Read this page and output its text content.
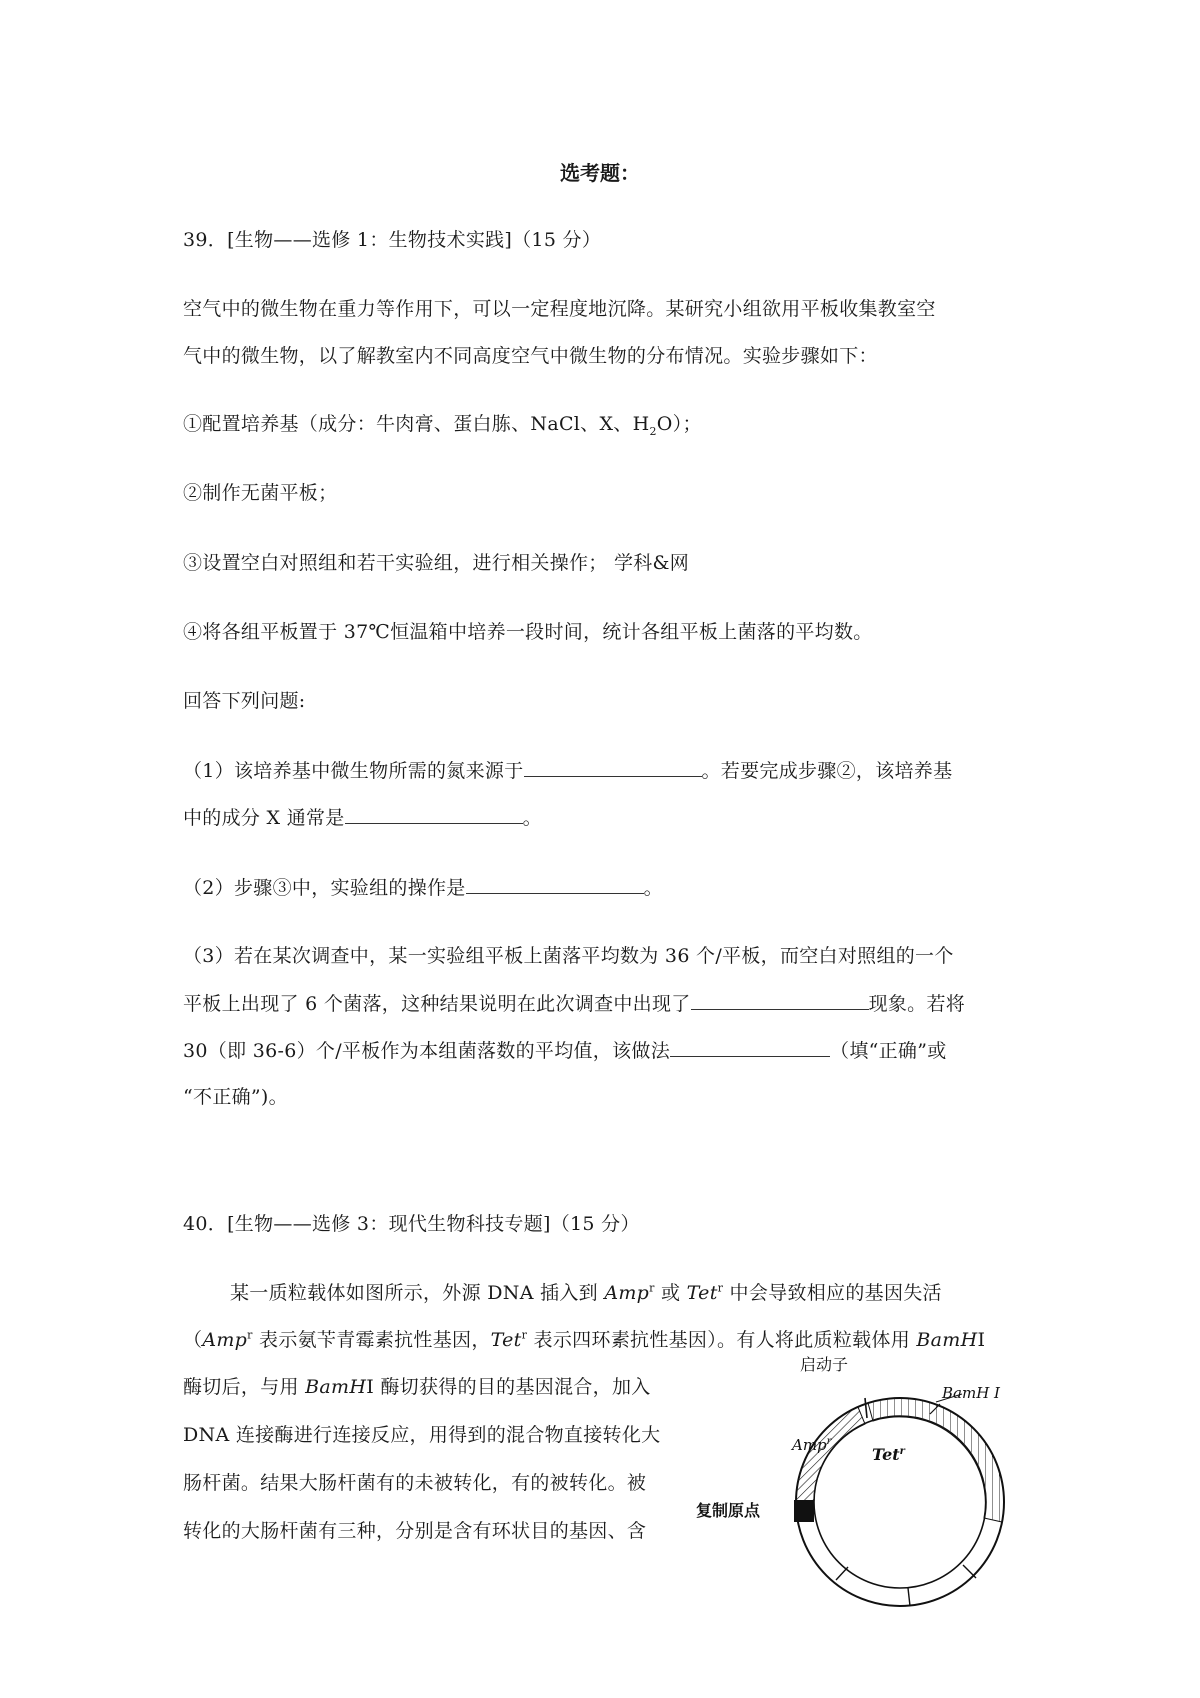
选考题：
39．[生物——选修 1：生物技术实践]（15 分）
空气中的微生物在重力等作用下，可以一定程度地沉降。某研究小组欲用平板收集教室空
气中的微生物，以了解教室内不同高度空气中微生物的分布情况。实验步骤如下：
①配置培养基（成分：牛肉膏、蛋白胨、NaCl、X、$H_2O$）；
②制作无菌平板；
③设置空白对照组和若干实验组，进行相关操作； 学科&网
④将各组平板置于 37℃恒温箱中培养一段时间，统计各组平板上菌落的平均数。
回答下列问题:
（1）该培养基中微生物所需的氮来源于	。若要完成步骤②，该培养基
中的成分 X 通常是	。
（2）步骤③中，实验组的操作是	。
（3）若在某次调查中，某一实验组平板上菌落平均数为 36 个/平板，而空白对照组的一个
平板上出现了 6 个菌落，这种结果说明在此次调查中出现了	现象。若将
30（即 36-6）个/平板作为本组菌落数的平均值，该做法	（填“正确”或
“不正确”)。
40．[生物——选修 3：现代生物科技专题]（15 分）
某一质粒载体如图所示，外源 DNA 插入到 Amp$^r$ 或 Tet$^r$ 中会导致相应的基因失活
（Amp$^r$ 表示氨苄青霉素抗性基因，Tet$^r$ 表示四环素抗性基因）。有人将此质粒载体用 BamHI
酶切后，与用 BamHI 酶切获得的目的基因混合，加入
DNA 连接酶进行连接反应，用得到的混合物直接转化大
肠杆菌。结果大肠杆菌有的未被转化，有的被转化。被
转化的大肠杆菌有三种，分别是含有环状目的基因、含
启动子
BamH I
Amp$^r$
Tet$^r$
复制原点
